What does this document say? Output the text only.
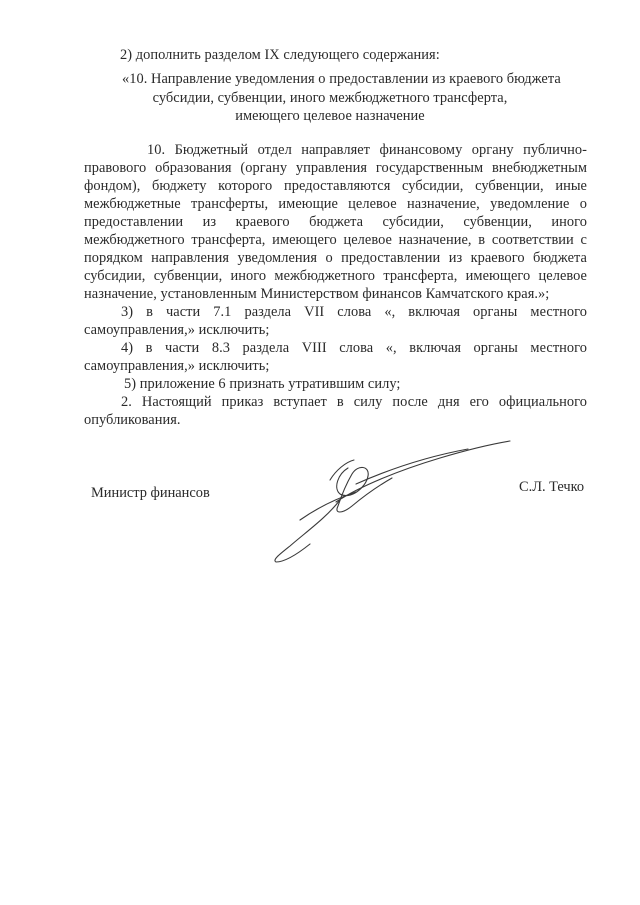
2) дополнить разделом IX следующего содержания:
«10. Направление уведомления о предоставлении из краевого бюджета
субсидии, субвенции, иного межбюджетного трансферта,
имеющего целевое назначение
10. Бюджетный отдел направляет финансовому органу публично-
правового образования (органу управления государственным внебюджетным
фондом), бюджету которого предоставляются субсидии, субвенции, иные
межбюджетные трансферты, имеющие целевое назначение, уведомление о
предоставлении из краевого бюджета субсидии, субвенции, иного
межбюджетного трансферта, имеющего целевое назначение, в соответствии с
порядком направления уведомления о предоставлении из краевого бюджета
субсидии, субвенции, иного межбюджетного трансферта, имеющего целевое
назначение, установленным Министерством финансов Камчатского края.»;
3) в части 7.1 раздела VII слова «, включая органы местного
самоуправления,» исключить;
4) в части 8.3 раздела VIII слова «, включая органы местного
самоуправления,» исключить;
5) приложение 6 признать утратившим силу;
2. Настоящий приказ вступает в силу после дня его официального
опубликования.
Министр финансов	С.Л. Течко
